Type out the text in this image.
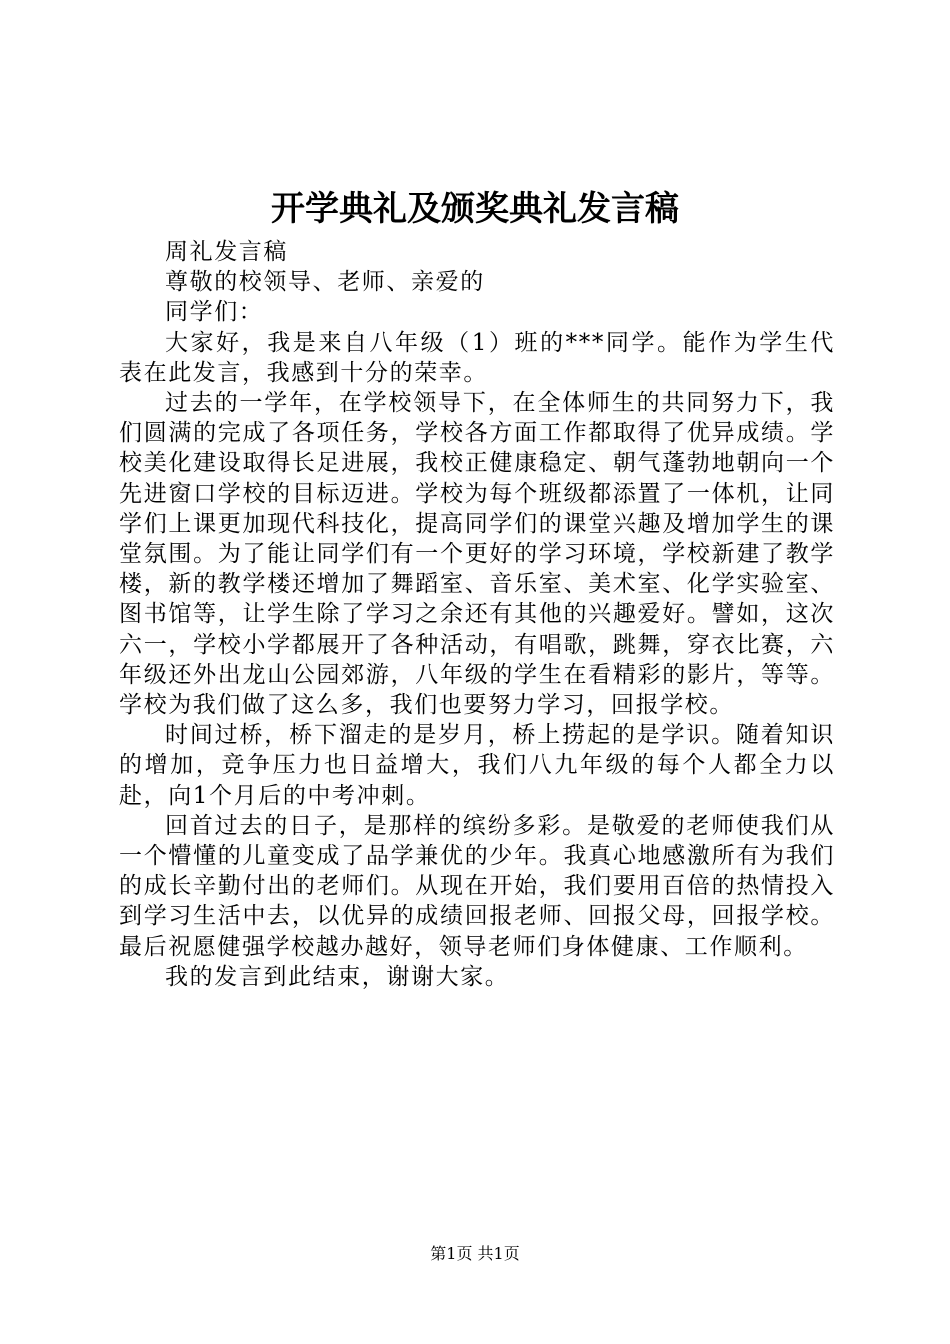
开学典礼及颁奖典礼发言稿

周礼发言稿

尊敬的校领导、老师、亲爱的

同学们：

大家好，我是来自八年级（1）班的***同学。能作为学生代表在此发言，我感到十分的荣幸。

过去的一学年，在学校领导下，在全体师生的共同努力下，我们圆满的完成了各项任务，学校各方面工作都取得了优异成绩。学校美化建设取得长足进展，我校正健康稳定、朝气蓬勃地朝向一个先进窗口学校的目标迈进。学校为每个班级都添置了一体机，让同学们上课更加现代科技化，提高同学们的课堂兴趣及增加学生的课堂氛围。为了能让同学们有一个更好的学习环境，学校新建了教学楼，新的教学楼还增加了舞蹈室、音乐室、美术室、化学实验室、图书馆等，让学生除了学习之余还有其他的兴趣爱好。譬如，这次六一，学校小学都展开了各种活动，有唱歌，跳舞，穿衣比赛，六年级还外出龙山公园郊游，八年级的学生在看精彩的影片，等等。学校为我们做了这么多，我们也要努力学习，回报学校。

时间过桥，桥下溜走的是岁月，桥上捞起的是学识。随着知识的增加，竞争压力也日益增大，我们八九年级的每个人都全力以赴，向1个月后的中考冲刺。

回首过去的日子，是那样的缤纷多彩。是敬爱的老师使我们从一个懵懂的儿童变成了品学兼优的少年。我真心地感激所有为我们的成长辛勤付出的老师们。从现在开始，我们要用百倍的热情投入到学习生活中去，以优异的成绩回报老师、回报父母，回报学校。最后祝愿健强学校越办越好，领导老师们身体健康、工作顺利。

我的发言到此结束，谢谢大家。

第1页 共1页
